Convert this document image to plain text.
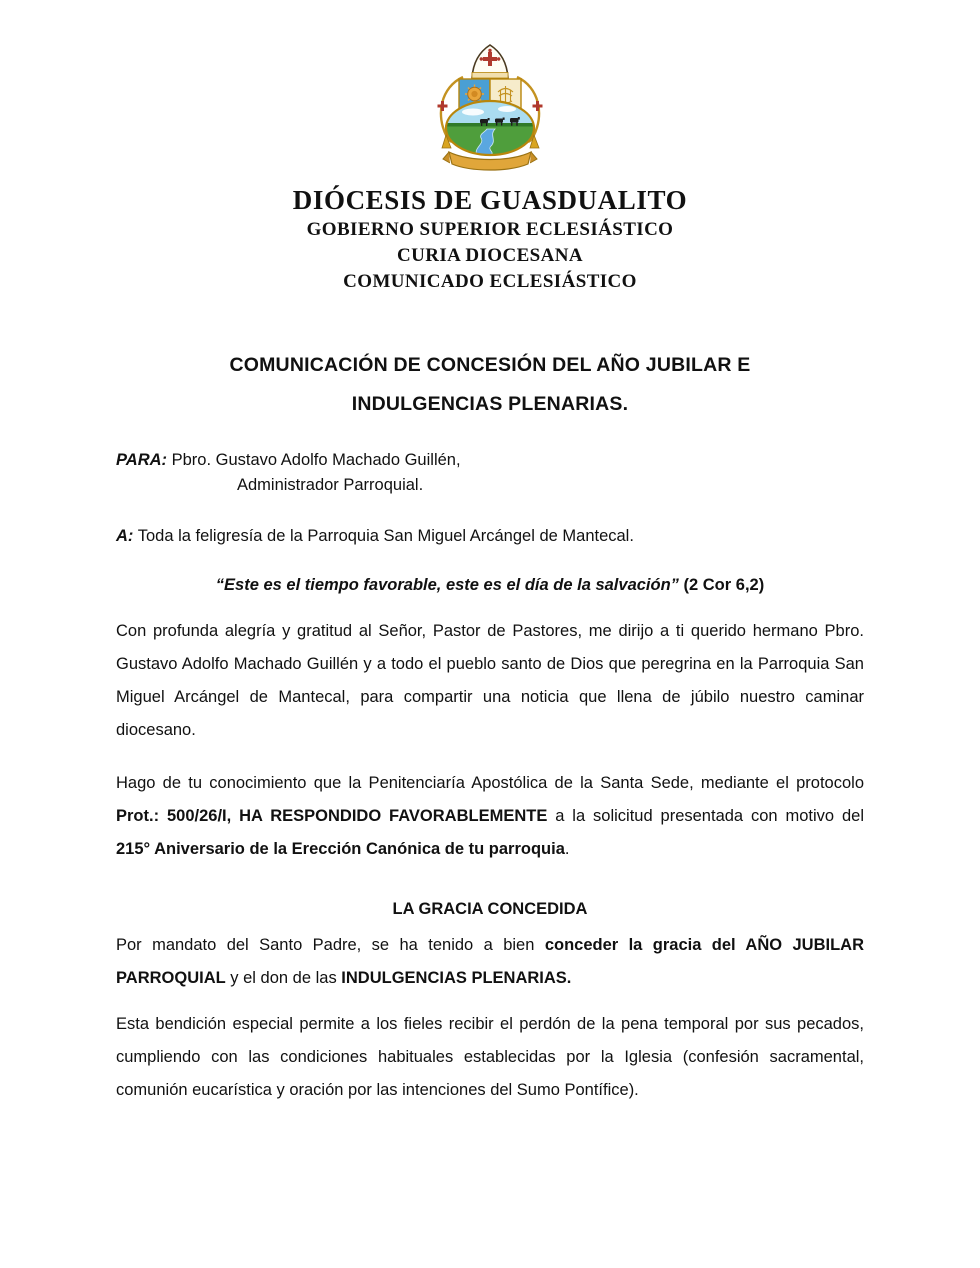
DIÓCESIS DE GUASDUALITO
GOBIERNO SUPERIOR ECLESIÁSTICO
CURIA DIOCESANA
COMUNICADO ECLESIÁSTICO
COMUNICACIÓN DE CONCESIÓN DEL AÑO JUBILAR E
INDULGENCIAS PLENARIAS.

PARA: Pbro. Gustavo Adolfo Machado Guillén,

Administrador Parroquial.

A: Toda la feligresía de la Parroquia San Miguel Arcángel de Mantecal.

“Este es el tiempo favorable, este es el día de la salvación” (2 Cor 6,2)

Con profunda alegría y gratitud al Señor, Pastor de Pastores, me dirijo a ti querido hermano Pbro. Gustavo Adolfo Machado Guillén y a todo el pueblo santo de Dios que peregrina en la Parroquia San Miguel Arcángel de Mantecal, para compartir una noticia que llena de júbilo nuestro caminar diocesano.

Hago de tu conocimiento que la Penitenciaría Apostólica de la Santa Sede, mediante el protocolo Prot.: 500/26/I, HA RESPONDIDO FAVORABLEMENTE a la solicitud presentada con motivo del 215° Aniversario de la Erección Canónica de tu parroquia.

LA GRACIA CONCEDIDA

Por mandato del Santo Padre, se ha tenido a bien conceder la gracia del AÑO JUBILAR PARROQUIAL y el don de las INDULGENCIAS PLENARIAS.

Esta bendición especial permite a los fieles recibir el perdón de la pena temporal por sus pecados, cumpliendo con las condiciones habituales establecidas por la Iglesia (confesión sacramental, comunión eucarística y oración por las intenciones del Sumo Pontífice).
